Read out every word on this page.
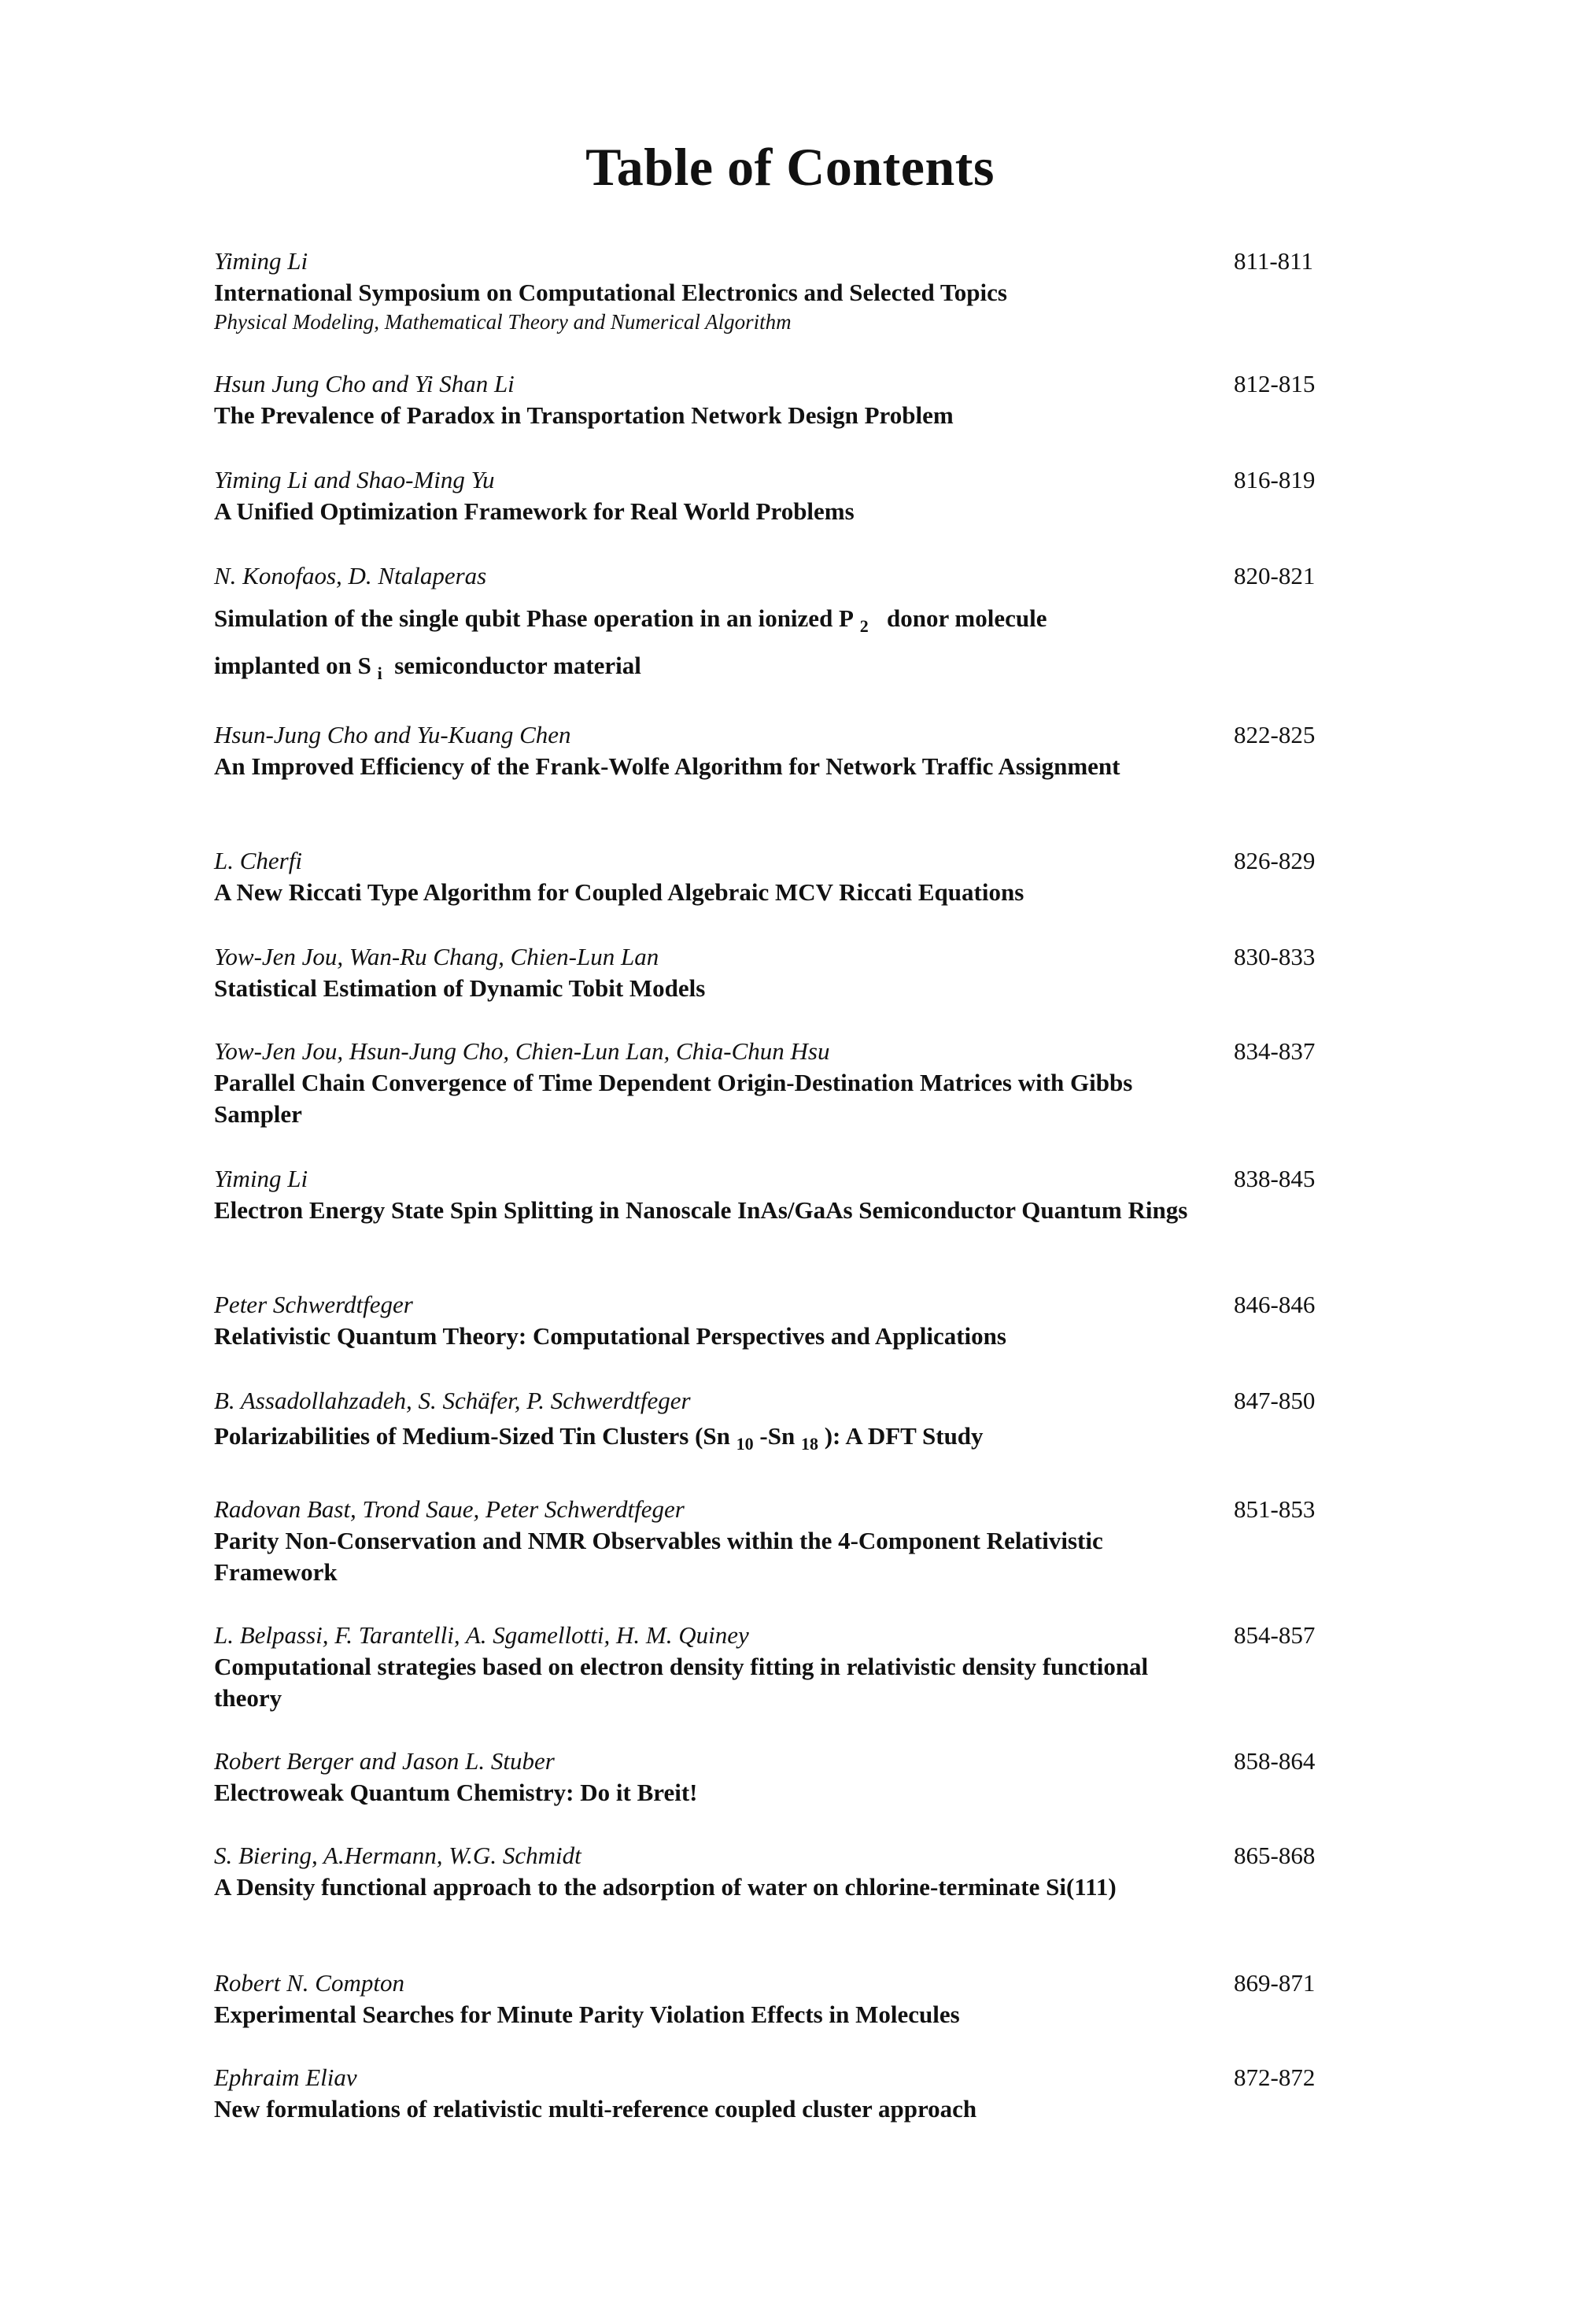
Table of Contents
Yiming Li
International Symposium on Computational Electronics and Selected Topics
Physical Modeling, Mathematical Theory and Numerical Algorithm
811-811
Hsun Jung Cho and Yi Shan Li
The Prevalence of Paradox in Transportation Network Design Problem
812-815
Yiming Li and Shao-Ming Yu
A Unified Optimization Framework for Real World Problems
816-819
N. Konofaos, D. Ntalaperas
Simulation of the single qubit Phase operation in an ionized P $_2$   donor molecule
implanted on S $_i$  semiconductor material
820-821
Hsun-Jung Cho and Yu-Kuang Chen
An Improved Efficiency of the Frank-Wolfe Algorithm for Network Traffic Assignment
822-825
L. Cherfi
A New Riccati Type Algorithm for Coupled Algebraic MCV Riccati Equations
826-829
Yow-Jen Jou, Wan-Ru Chang, Chien-Lun Lan
Statistical Estimation of Dynamic Tobit Models
830-833
Yow-Jen Jou, Hsun-Jung Cho, Chien-Lun Lan, Chia-Chun Hsu
Parallel Chain Convergence of Time Dependent Origin-Destination Matrices with Gibbs Sampler
834-837
Yiming Li
Electron Energy State Spin Splitting in Nanoscale InAs/GaAs Semiconductor Quantum Rings
838-845
Peter Schwerdtfeger
Relativistic Quantum Theory: Computational Perspectives and Applications
846-846
B. Assadollahzadeh, S. Schäfer, P. Schwerdtfeger
Polarizabilities of Medium-Sized Tin Clusters (Sn $_{10}$ -Sn $_{18}$ ): A DFT Study
847-850
Radovan Bast, Trond Saue, Peter Schwerdtfeger
Parity Non-Conservation and NMR Observables within the 4-Component Relativistic Framework
851-853
L. Belpassi, F. Tarantelli, A. Sgamellotti, H. M. Quiney
Computational strategies based on electron density fitting in relativistic density functional theory
854-857
Robert Berger and Jason L. Stuber
Electroweak Quantum Chemistry: Do it Breit!
858-864
S. Biering, A.Hermann, W.G. Schmidt
A Density functional approach to the adsorption of water on chlorine-terminate Si(111)
865-868
Robert N. Compton
Experimental Searches for Minute Parity Violation Effects in Molecules
869-871
Ephraim Eliav
New formulations of relativistic multi-reference coupled cluster approach
872-872
